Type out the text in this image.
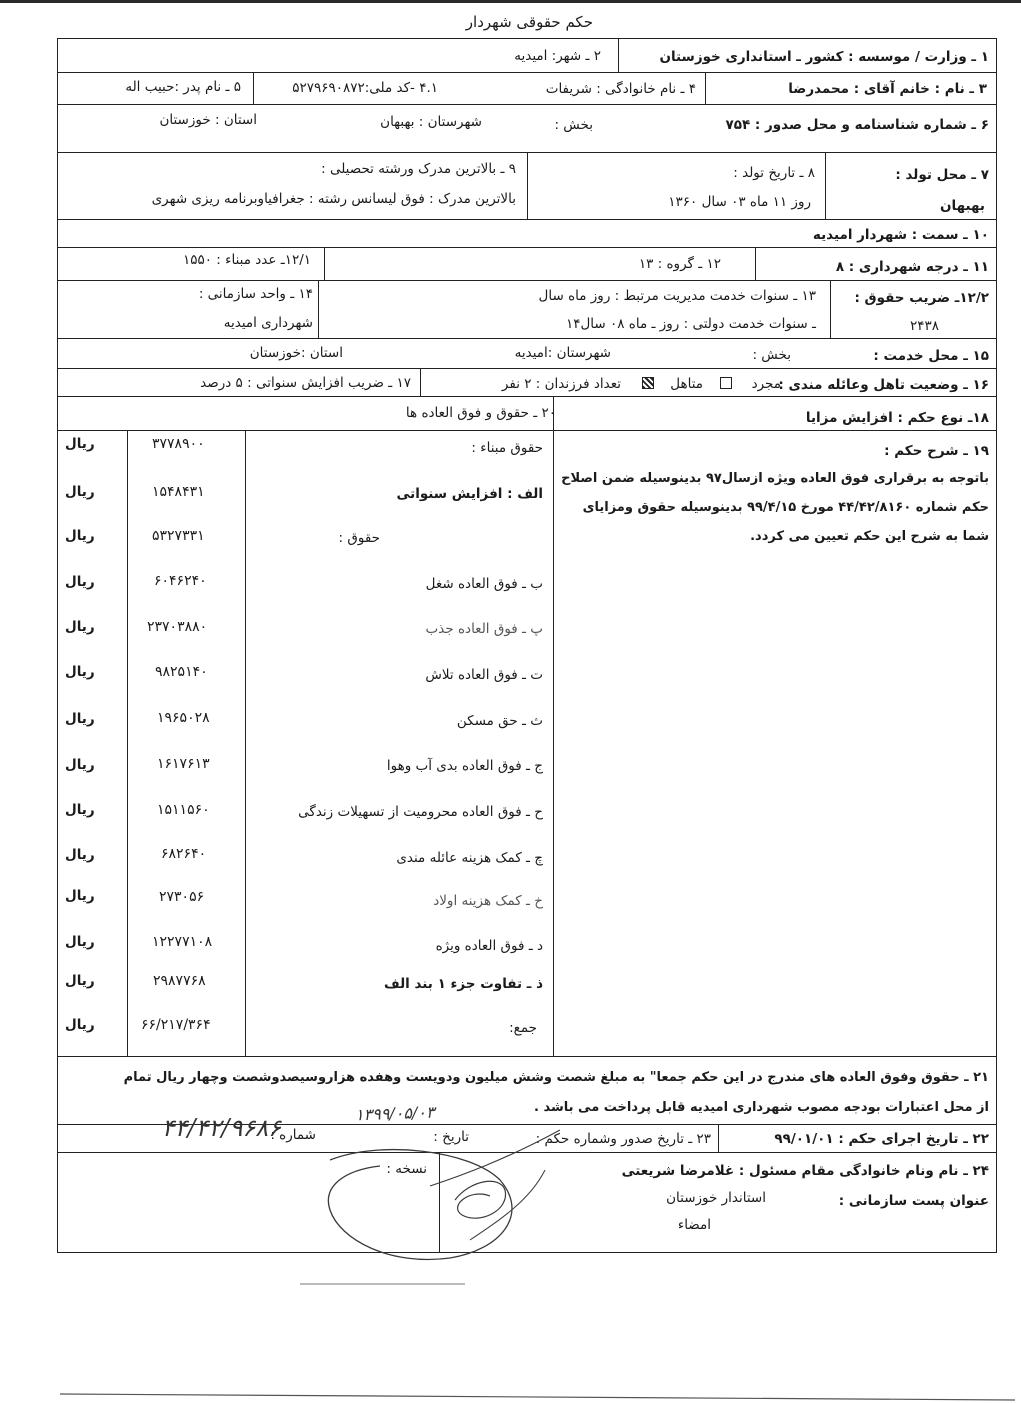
حکم حقوقی شهردار
۱ ـ وزارت / موسسه : کشور ـ استانداری خوزستان
۲ ـ شهر: امیدیه
۳ ـ نام : خانم آقای : محمدرضا
۴ ـ نام خانوادگی : شریفات
۴.۱ -کد ملی:۵۲۷۹۶۹۰۸۷۲
۵ ـ نام پدر :حبیب اله
۶ ـ شماره شناسنامه و محل صدور : ۷۵۴
بخش :
شهرستان : بهبهان
استان : خوزستان
۷ ـ محل تولد :
بهبهان
۸ ـ تاریخ تولد :
روز ۱۱ ماه ۰۳ سال ۱۳۶۰
۹ ـ بالاترین مدرک ورشته تحصیلی :
بالاترین مدرک : فوق لیسانس رشته : جغرافیاوبرنامه ریزی شهری
۱۰ ـ سمت : شهردار امیدیه
۱۱ ـ درجه شهرداری : ۸
۱۲ ـ گروه : ۱۳
۱۲/۱ـ عدد مبناء : ۱۵۵۰
۱۲/۲ـ ضریب حقوق :
۲۴۳۸
۱۳ ـ سنوات خدمت مدیریت مرتبط : روز ماه سال
ـ سنوات خدمت دولتی : روز ـ ماه ۰۸ سال۱۴
۱۴ ـ واحد سازمانی :
شهرداری امیدیه
۱۵ ـ محل خدمت :
بخش :
شهرستان :امیدیه
استان :خوزستان
۱۶ ـ وضعیت تاهل وعائله مندی :
مجرد
متاهل
تعداد فرزندان : ۲ نفر
۱۷ ـ ضریب افزایش سنواتی : ۵ درصد
۱۸ـ نوع حکم : افزایش مزایا
۲۰ ـ حقوق و فوق العاده ها
۱۹ ـ شرح حکم :
باتوجه به برقراری فوق العاده ویژه ازسال۹۷ بدینوسیله ضمن اصلاح
حکم شماره ۴۴/۴۲/۸۱۶۰ مورخ ۹۹/۴/۱۵ بدینوسیله حقوق ومزایای
شما به شرح این حکم تعیین می کردد.
حقوق مبناء :
۳۷۷۸۹۰۰
ریال
الف : افزایش سنواتی
۱۵۴۸۴۳۱
ریال
حقوق :
۵۳۲۷۳۳۱
ریال
ب ـ فوق العاده شغل
۶۰۴۶۲۴۰
ریال
پ ـ فوق العاده جذب
۲۳۷۰۳۸۸۰
ریال
ت ـ فوق العاده تلاش
۹۸۲۵۱۴۰
ریال
ث ـ حق مسکن
۱۹۶۵۰۲۸
ریال
ج ـ فوق العاده بدی آب وهوا
۱۶۱۷۶۱۳
ریال
ح ـ فوق العاده محرومیت از تسهیلات زندگی
۱۵۱۱۵۶۰
ریال
چ ـ کمک هزینه عائله مندی
۶۸۲۶۴۰
ریال
خ ـ کمک هزینه اولاد
۲۷۳۰۵۶
ریال
د ـ فوق العاده ویژه
۱۲۲۷۷۱۰۸
ریال
ذ ـ تفاوت جزء ۱ بند الف
۲۹۸۷۷۶۸
ریال
جمع:
۶۶/۲۱۷/۳۶۴
ریال
۲۱ ـ حقوق وفوق العاده های مندرج در این حکم جمعا" به مبلغ شصت وشش میلیون ودویست وهفده هزاروسیصدوشصت وچهار ریال تمام
از محل اعتبارات بودجه مصوب شهرداری امیدیه قابل پرداخت می باشد .
۲۲ ـ تاریخ اجرای حکم : ۹۹/۰۱/۰۱
۲۳ ـ تاریخ صدور وشماره حکم :
تاریخ :
شماره :
۱۳۹۹/۰۵/۰۳
۴۴/۴۲/۹۶۸۶
۲۴ ـ نام ونام خانوادگی مقام مسئول : غلامرضا شریعتی
عنوان پست سازمانی :
استاندار خوزستان
امضاء
نسخه :
